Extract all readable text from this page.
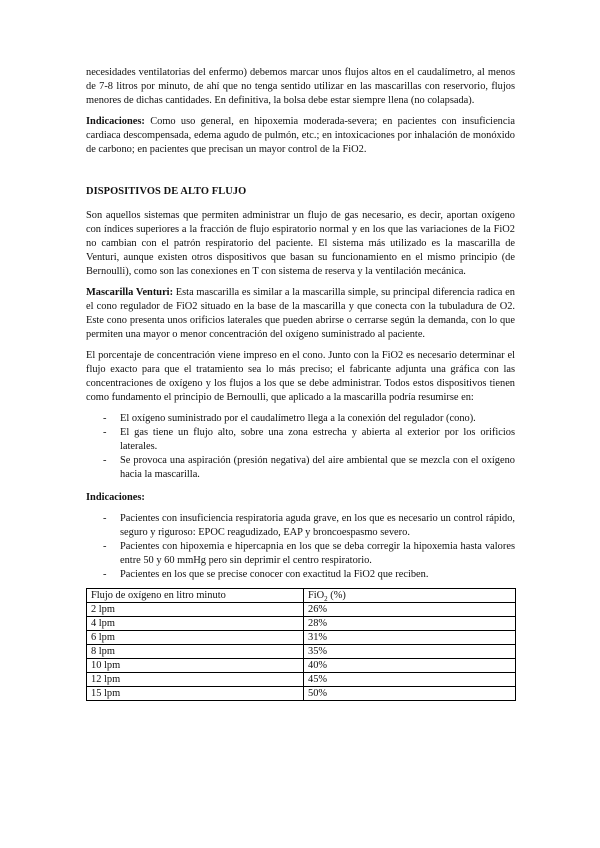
necesidades ventilatorias del enfermo) debemos marcar unos flujos altos en el caudalímetro, al menos de 7-8 litros por minuto, de ahí que no tenga sentido utilizar en las mascarillas con reservorio, flujos menores de dichas cantidades. En definitiva, la bolsa debe estar siempre llena (no colapsada).

Indicaciones: Como uso general, en hipoxemia moderada-severa; en pacientes con insuficiencia cardiaca descompensada, edema agudo de pulmón, etc.; en intoxicaciones por inhalación de monóxido de carbono; en pacientes que precisan un mayor control de la FiO2.

DISPOSITIVOS DE ALTO FLUJO

Son aquellos sistemas que permiten administrar un flujo de gas necesario, es decir, aportan oxígeno con índices superiores a la fracción de flujo espiratorio normal y en los que las variaciones de la FiO2 no cambian con el patrón respiratorio del paciente. El sistema más utilizado es la mascarilla de Venturi, aunque existen otros dispositivos que basan su funcionamiento en el mismo principio (de Bernoulli), como son las conexiones en T con sistema de reserva y la ventilación mecánica.

Mascarilla Venturi: Esta mascarilla es similar a la mascarilla simple, su principal diferencia radica en el cono regulador de FiO2 situado en la base de la mascarilla y que conecta con la tubuladura de O2. Este cono presenta unos orificios laterales que pueden abrirse o cerrarse según la demanda, con lo que permiten una mayor o menor concentración del oxígeno suministrado al paciente.

El porcentaje de concentración viene impreso en el cono. Junto con la FiO2 es necesario determinar el flujo exacto para que el tratamiento sea lo más preciso; el fabricante adjunta una gráfica con las concentraciones de oxígeno y los flujos a los que se debe administrar. Todos estos dispositivos tienen como fundamento el principio de Bernoulli, que aplicado a la mascarilla podría resumirse en:

- El oxígeno suministrado por el caudalímetro llega a la conexión del regulador (cono).
- El gas tiene un flujo alto, sobre una zona estrecha y abierta al exterior por los orificios laterales.
- Se provoca una aspiración (presión negativa) del aire ambiental que se mezcla con el oxígeno hacia la mascarilla.

Indicaciones:

- Pacientes con insuficiencia respiratoria aguda grave, en los que es necesario un control rápido, seguro y riguroso: EPOC reagudizado, EAP y broncoespasmo severo.
- Pacientes con hipoxemia e hipercapnia en los que se deba corregir la hipoxemia hasta valores entre 50 y 60 mmHg pero sin deprimir el centro respiratorio.
- Pacientes en los que se precise conocer con exactitud la FiO2 que reciben.
Flujo de oxígeno en litro minuto	FiO$_2$ (%)
2 lpm	26%
4 lpm	28%
6 lpm	31%
8 lpm	35%
10 lpm	40%
12 lpm	45%
15 lpm	50%
